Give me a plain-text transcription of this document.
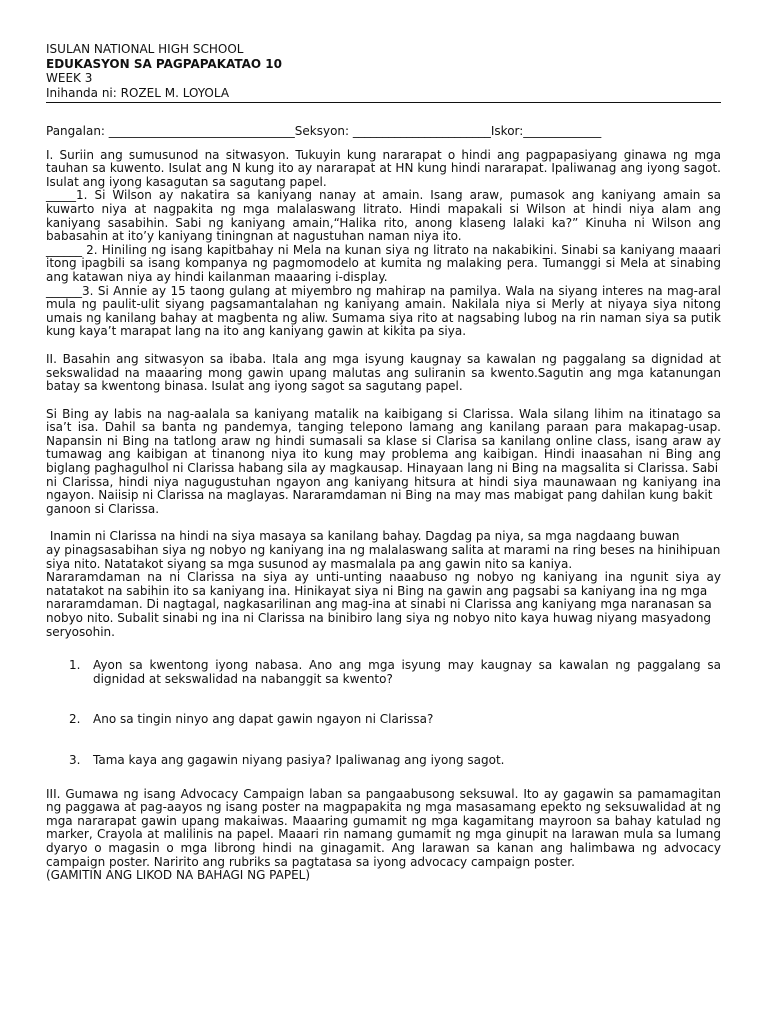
ISULAN NATIONAL HIGH SCHOOL
EDUKASYON SA PAGPAPAKATAO 10
WEEK 3
Inihanda ni: ROZEL M. LOYOLA
Pangalan: _______________________________Seksyon: _______________________Iskor:_____________

I. Suriin ang sumusunod na sitwasyon. Tukuyin kung nararapat o hindi ang pagpapasiyang ginawa ng mga tauhan sa kuwento. Isulat ang N kung ito ay nararapat at HN kung hindi nararapat. Ipaliwanag ang iyong sagot. Isulat ang iyong kasagutan sa sagutang papel.

_____1. Si Wilson ay nakatira sa kaniyang nanay at amain. Isang araw, pumasok ang kaniyang amain sa kuwarto niya at nagpakita ng mga malalaswang litrato. Hindi mapakali si Wilson at hindi niya alam ang kaniyang sasabihin. Sabi ng kaniyang amain,“Halika rito, anong klaseng lalaki ka?” Kinuha ni Wilson ang babasahin at ito’y kaniyang tiningnan at nagustuhan naman niya ito.

______ 2. Hiniling ng isang kapitbahay ni Mela na kunan siya ng litrato na nakabikini. Sinabi sa kaniyang maaari itong ipagbili sa isang kompanya ng pagmomodelo at kumita ng malaking pera. Tumanggi si Mela at sinabing ang katawan niya ay hindi kailanman maaaring i-display.

______3. Si Annie ay 15 taong gulang at miyembro ng mahirap na pamilya. Wala na siyang interes na mag-aral mula ng paulit-ulit siyang pagsamantalahan ng kaniyang amain. Nakilala niya si Merly at niyaya siya nitong umais ng kanilang bahay at magbenta ng aliw. Sumama siya rito at nagsabing lubog na rin naman siya sa putik kung kaya’t marapat lang na ito ang kaniyang gawin at kikita pa siya.

II. Basahin ang sitwasyon sa ibaba. Itala ang mga isyung kaugnay sa kawalan ng paggalang sa dignidad at sekswalidad na maaaring mong gawin upang malutas ang suliranin sa kwento.Sagutin ang mga katanungan batay sa kwentong binasa. Isulat ang iyong sagot sa sagutang papel.

Si Bing ay labis na nag-aalala sa kaniyang matalik na kaibigang si Clarissa. Wala silang lihim na itinatago sa isa’t isa. Dahil sa banta ng pandemya, tanging telepono lamang ang kanilang paraan para makapag-usap. Napansin ni Bing na tatlong araw ng hindi sumasali sa klase si Clarisa sa kanilang online class, isang araw ay tumawag ang kaibigan at tinanong niya ito kung may problema ang kaibigan. Hindi inaasahan ni Bing ang biglang paghagulhol ni Clarissa habang sila ay magkausap. Hinayaan lang ni Bing na magsalita si Clarissa. Sabi

ni Clarissa, hindi niya nagugustuhan ngayon ang kaniyang hitsura at hindi siya maunawaan ng kaniyang ina ngayon. Naiisip ni Clarissa na maglayas. Nararamdaman ni Bing na may mas mabigat pang dahilan kung bakit

ganoon si Clarissa.

Inamin ni Clarissa na hindi na siya masaya sa kanilang bahay. Dagdag pa niya, sa mga nagdaang buwan

ay pinagsasabihan siya ng nobyo ng kaniyang ina ng malalaswang salita at marami na ring beses na hinihipuan

siya nito. Natatakot siyang sa mga susunod ay masmalala pa ang gawin nito sa kaniya.

Nararamdaman na ni Clarissa na siya ay unti-unting naaabuso ng nobyo ng kaniyang ina ngunit siya ay natatakot na sabihin ito sa kaniyang ina. Hinikayat siya ni Bing na gawin ang pagsabi sa kaniyang ina ng mga

nararamdaman. Di nagtagal, nagkasarilinan ang mag-ina at sinabi ni Clarissa ang kaniyang mga naranasan sa

nobyo nito. Subalit sinabi ng ina ni Clarissa na binibiro lang siya ng nobyo nito kaya huwag niyang masyadong

seryosohin.

1.	Ayon sa kwentong iyong nabasa. Ano ang mga isyung may kaugnay sa kawalan ng paggalang sa dignidad at sekswalidad na nabanggit sa kwento?
2.	Ano sa tingin ninyo ang dapat gawin ngayon ni Clarissa?
3.	Tama kaya ang gagawin niyang pasiya? Ipaliwanag ang iyong sagot.

III. Gumawa ng isang Advocacy Campaign laban sa pangaabusong seksuwal. Ito ay gagawin sa pamamagitan ng paggawa at pag-aayos ng isang poster na magpapakita ng mga masasamang epekto ng seksuwalidad at ng mga nararapat gawin upang makaiwas. Maaaring gumamit ng mga kagamitang mayroon sa bahay katulad ng marker, Crayola at malilinis na papel. Maaari rin namang gumamit ng mga ginupit na larawan mula sa lumang dyaryo o magasin o mga librong hindi na ginagamit. Ang larawan sa kanan ang halimbawa ng advocacy campaign poster. Naririto ang rubriks sa pagtatasa sa iyong advocacy campaign poster.

(GAMITIN ANG LIKOD NA BAHAGI NG PAPEL)
